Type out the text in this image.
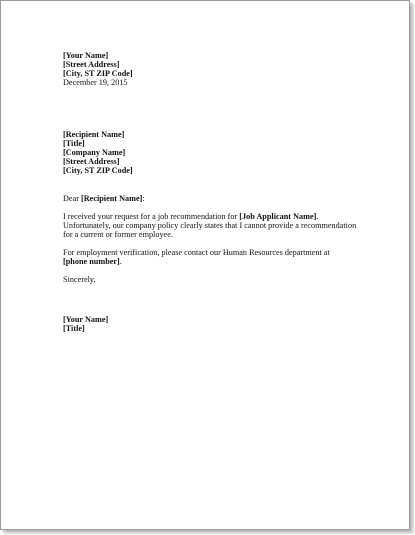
[Your Name]
[Street Address]
[City, ST ZIP Code]
December 19, 2015
[Recipient Name]
[Title]
[Company Name]
[Street Address]
[City, ST ZIP Code]
Dear [Recipient Name]:
I received your request for a job recommendation for [Job Applicant Name].
Unfortunately, our company policy clearly states that I cannot provide a recommendation
for a current or former employee.
For employment verification, please contact our Human Resources department at
[phone number].
Sincerely,
[Your Name]
[Title]
